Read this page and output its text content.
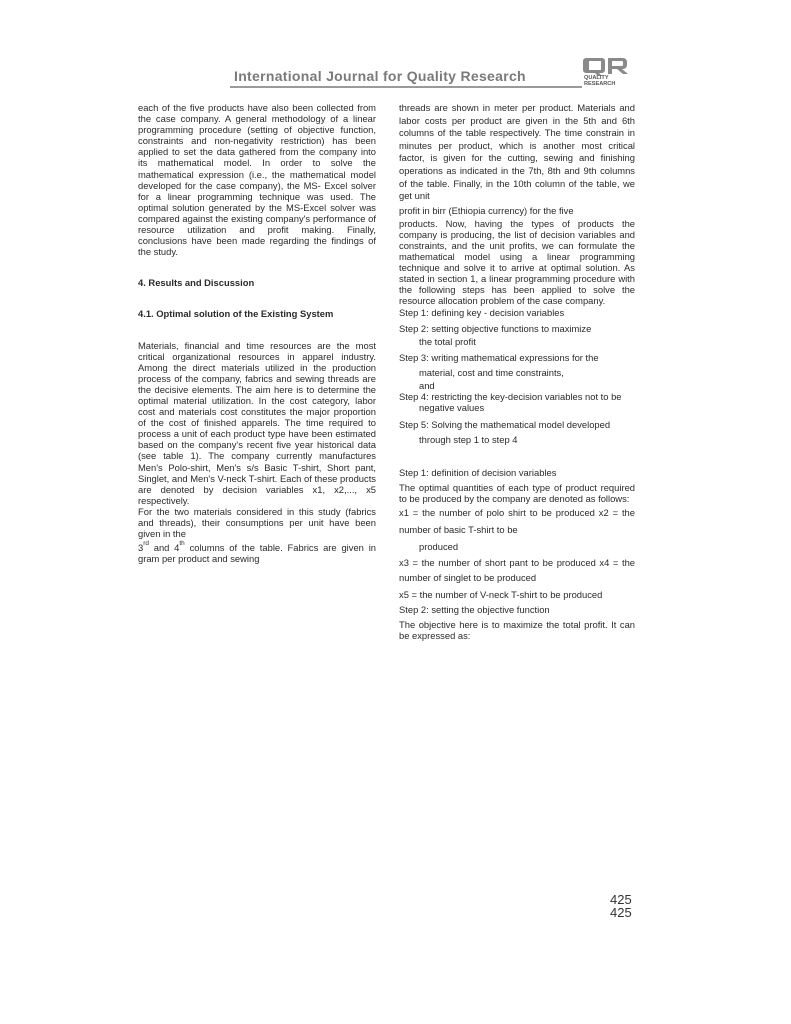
International Journal for Quality Research	QUALITY
RESEARCH

each of the five products have also been collected from the case company. A general methodology of a linear programming procedure (setting of objective function, constraints and non-negativity restriction) has been applied to set the data gathered from the company into its mathematical model. In order to solve the mathematical expression (i.e., the mathematical model developed for the case company), the MS- Excel solver for a linear programming technique was used. The optimal solution generated by the MS-Excel solver was compared against the existing company's performance of resource utilization and profit making. Finally, conclusions have been made regarding the findings of the study.

4. Results and Discussion

4.1. Optimal solution of the Existing System

Materials, financial and time resources are the most critical organizational resources in apparel industry. Among the direct materials utilized in the production process of the company, fabrics and sewing threads are the decisive elements. The aim here is to determine the optimal material utilization. In the cost category, labor cost and materials cost constitutes the major proportion of the cost of finished apparels. The time required to process a unit of each product type have been estimated based on the company's recent five year historical data (see table 1). The company currently manufactures Men's Polo-shirt, Men's s/s Basic T-shirt, Short pant, Singlet, and Men's V-neck T-shirt. Each of these products are denoted by decision variables x1, x2,..., x5 respectively.

For the two materials considered in this study (fabrics and threads), their consumptions per unit have been given in the

3rd and 4th columns of the table. Fabrics are given in gram per product and sewing

threads are shown in meter per product. Materials and labor costs per product are given in the 5th and 6th columns of the table respectively. The time constrain in minutes per product, which is another most critical factor, is given for the cutting, sewing and finishing operations as indicated in the 7th, 8th and 9th columns of the table. Finally, in the 10th column of the table, we get unit

profit in birr (Ethiopia currency) for the five

products. Now, having the types of products the company is producing, the list of decision variables and constraints, and the unit profits, we can formulate the mathematical model using a linear programming technique and solve it to arrive at optimal solution. As stated in section 1, a linear programming procedure with the following steps has been applied to solve the resource allocation problem of the case company.

Step 1: defining key - decision variables

Step 2: setting objective functions to maximize

the total profit

Step 3: writing mathematical expressions for the

material, cost and time constraints,

and

Step 4: restricting the key-decision variables not to be

negative values

Step 5: Solving the mathematical model developed

through step 1 to step 4

Step 1: definition of decision variables

The optimal quantities of each type of product required to be produced by the company are denoted as follows:

x1 = the number of polo shirt to be produced x2 = the number of basic T-shirt to be

produced

x3 = the number of short pant to be produced x4 = the number of singlet to be produced

x5 = the number of V-neck T-shirt to be produced

Step 2: setting the objective function

The objective here is to maximize the total profit. It can be expressed as:

425
425
